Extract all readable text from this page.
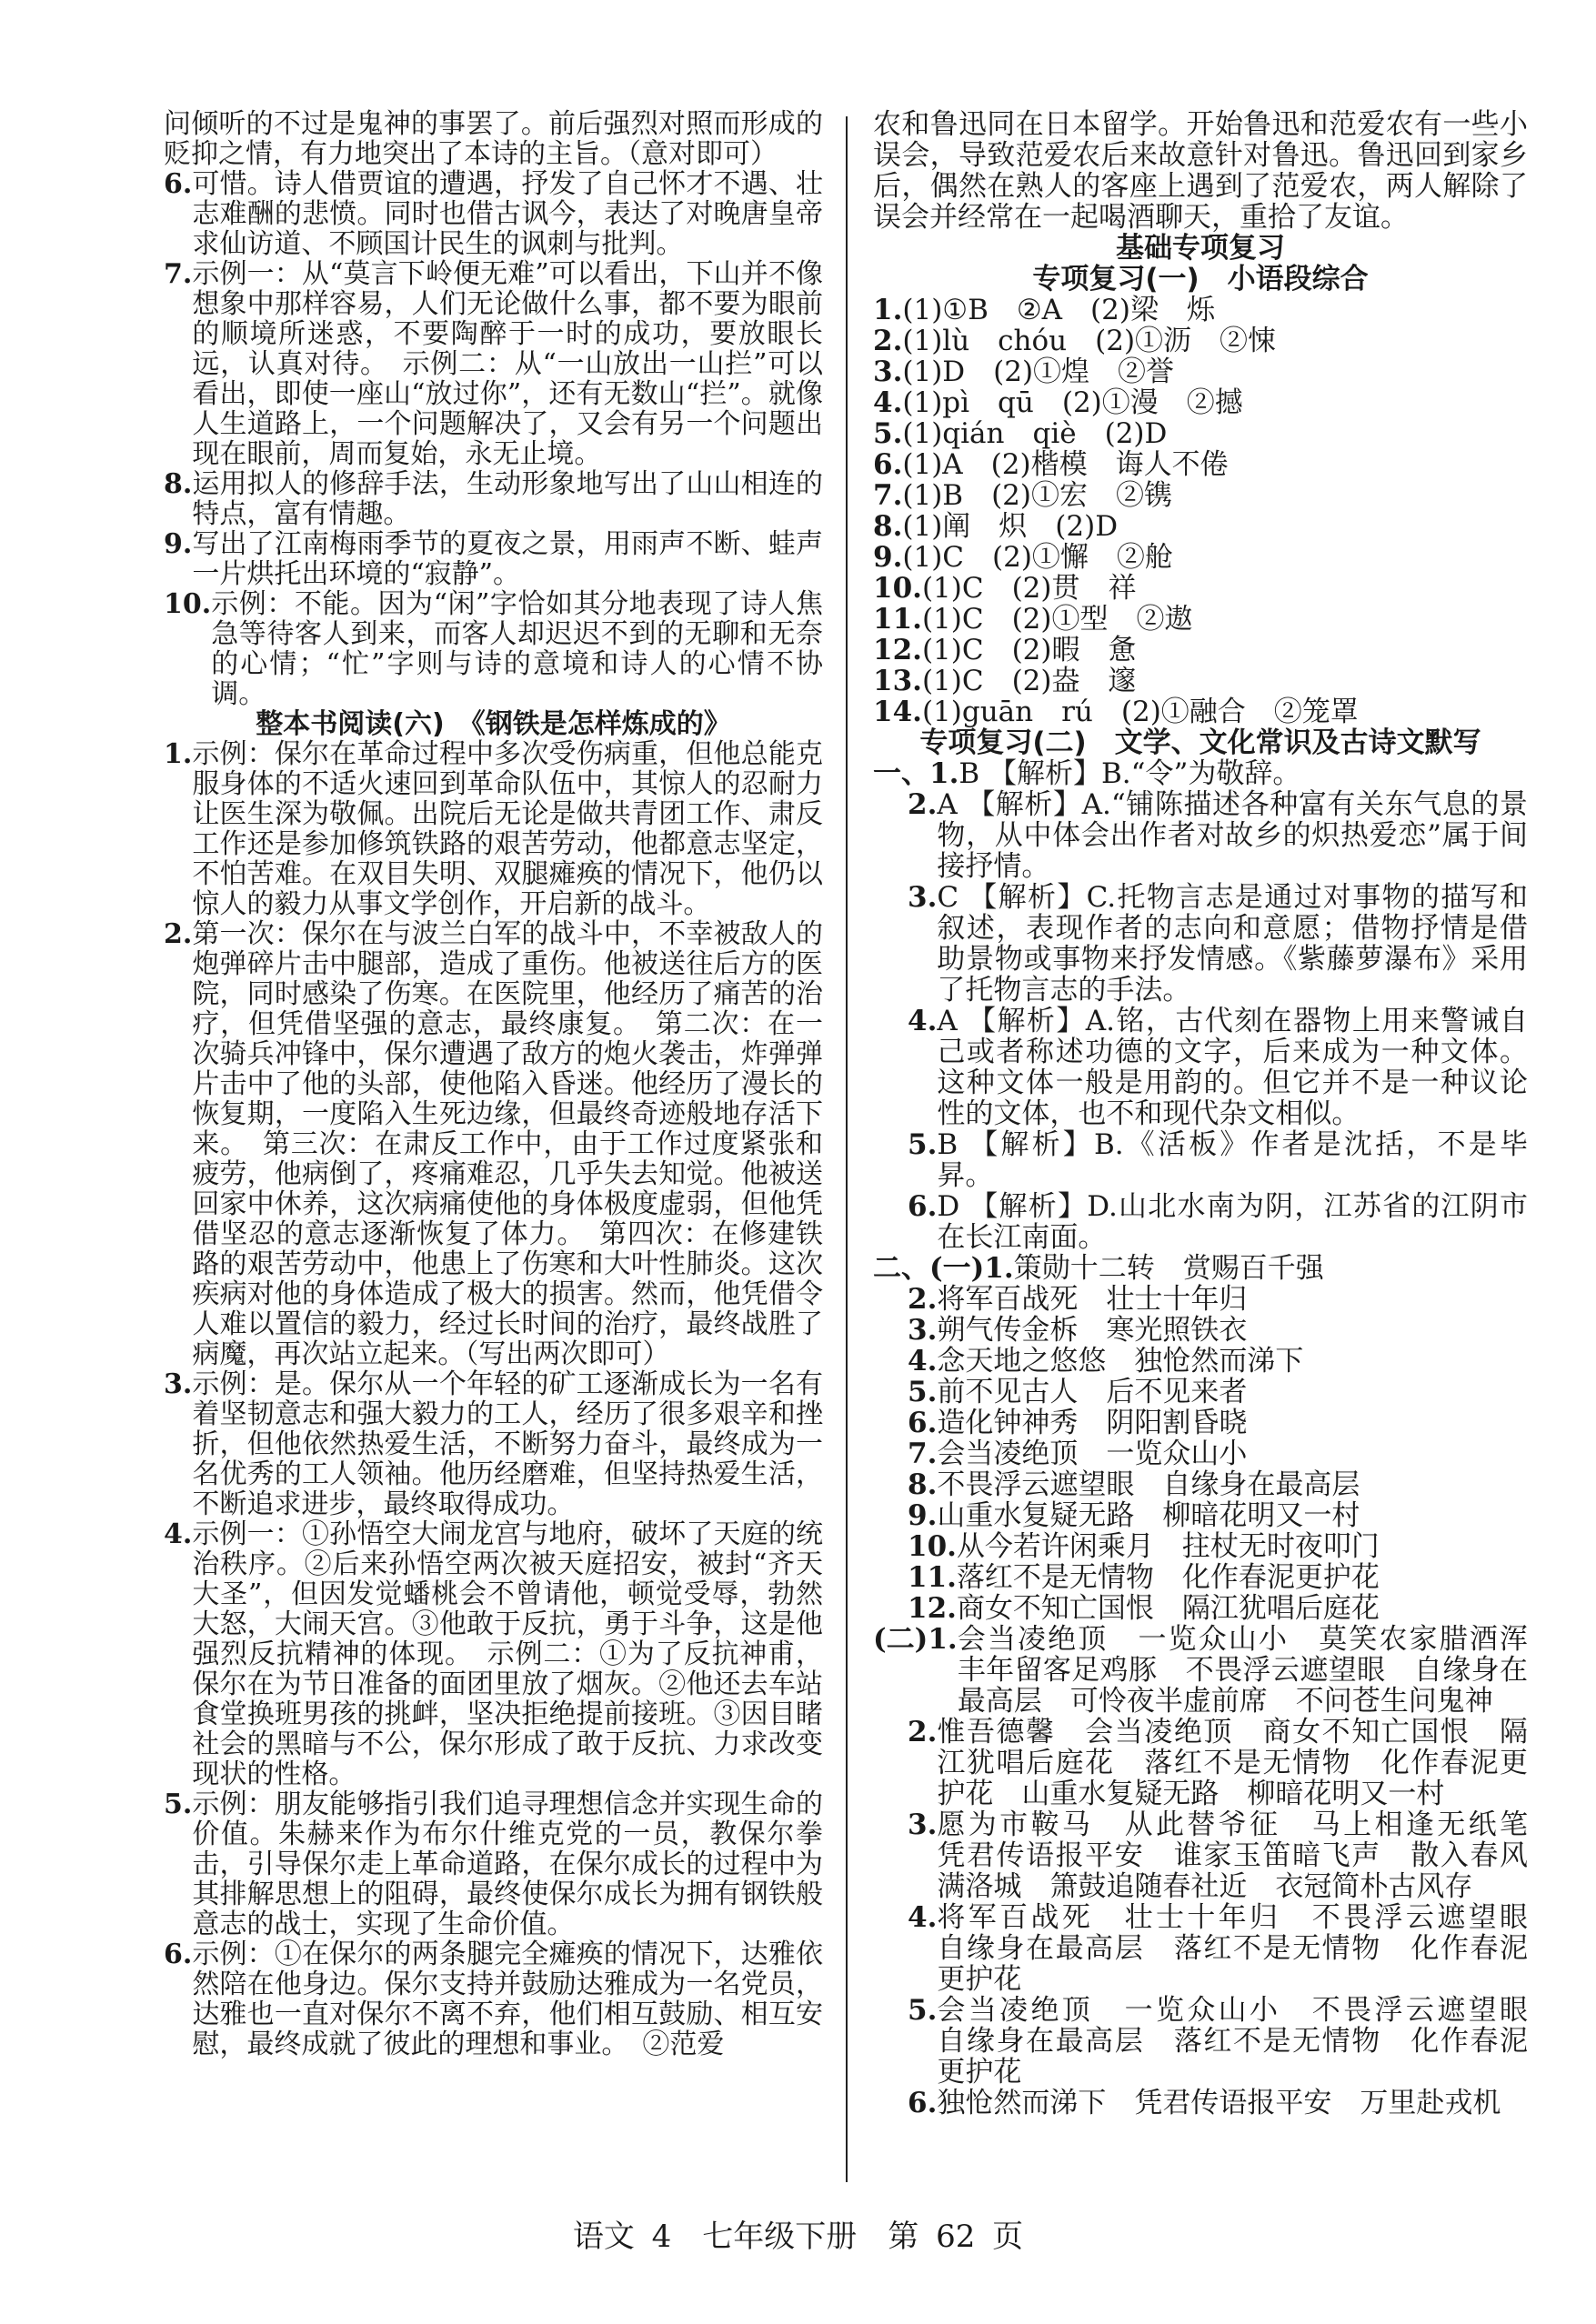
问倾听的不过是鬼神的事罢了。前后强烈对照而形成的贬抑之情，有力地突出了本诗的主旨。（意对即可）

6. 可惜。诗人借贾谊的遭遇，抒发了自己怀才不遇、壮志难酬的悲愤。同时也借古讽今，表达了对晚唐皇帝求仙访道、不顾国计民生的讽刺与批判。
7. 示例一：从“莫言下岭便无难”可以看出，下山并不像想象中那样容易，人们无论做什么事，都不要为眼前的顺境所迷惑，不要陶醉于一时的成功，要放眼长远，认真对待。　示例二：从“一山放出一山拦”可以看出，即使一座山“放过你”，还有无数山“拦”。就像人生道路上，一个问题解决了，又会有另一个问题出现在眼前，周而复始，永无止境。
8. 运用拟人的修辞手法，生动形象地写出了山山相连的特点，富有情趣。
9. 写出了江南梅雨季节的夏夜之景，用雨声不断、蛙声一片烘托出环境的“寂静”。
10. 示例：不能。因为“闲”字恰如其分地表现了诗人焦急等待客人到来，而客人却迟迟不到的无聊和无奈的心情；“忙”字则与诗的意境和诗人的心情不协调。

整本书阅读(六)　《钢铁是怎样炼成的》

1. 示例：保尔在革命过程中多次受伤病重，但他总能克服身体的不适火速回到革命队伍中，其惊人的忍耐力让医生深为敬佩。出院后无论是做共青团工作、肃反工作还是参加修筑铁路的艰苦劳动，他都意志坚定，不怕苦难。在双目失明、双腿瘫痪的情况下，他仍以惊人的毅力从事文学创作，开启新的战斗。
2. 第一次：保尔在与波兰白军的战斗中，不幸被敌人的炮弹碎片击中腿部，造成了重伤。他被送往后方的医院，同时感染了伤寒。在医院里，他经历了痛苦的治疗，但凭借坚强的意志，最终康复。　第二次：在一次骑兵冲锋中，保尔遭遇了敌方的炮火袭击，炸弹弹片击中了他的头部，使他陷入昏迷。他经历了漫长的恢复期，一度陷入生死边缘，但最终奇迹般地存活下来。　第三次：在肃反工作中，由于工作过度紧张和疲劳，他病倒了，疼痛难忍，几乎失去知觉。他被送回家中休养，这次病痛使他的身体极度虚弱，但他凭借坚忍的意志逐渐恢复了体力。　第四次：在修建铁路的艰苦劳动中，他患上了伤寒和大叶性肺炎。这次疾病对他的身体造成了极大的损害。然而，他凭借令人难以置信的毅力，经过长时间的治疗，最终战胜了病魔，再次站立起来。（写出两次即可）
3. 示例：是。保尔从一个年轻的矿工逐渐成长为一名有着坚韧意志和强大毅力的工人，经历了很多艰辛和挫折，但他依然热爱生活，不断努力奋斗，最终成为一名优秀的工人领袖。他历经磨难，但坚持热爱生活，不断追求进步，最终取得成功。
4. 示例一：①孙悟空大闹龙宫与地府，破坏了天庭的统治秩序。②后来孙悟空两次被天庭招安，被封“齐天大圣”，但因发觉蟠桃会不曾请他，顿觉受辱，勃然大怒，大闹天宫。③他敢于反抗，勇于斗争，这是他强烈反抗精神的体现。　示例二：①为了反抗神甫，保尔在为节日准备的面团里放了烟灰。②他还去车站食堂换班男孩的挑衅，坚决拒绝提前接班。③因目睹社会的黑暗与不公，保尔形成了敢于反抗、力求改变现状的性格。
5. 示例：朋友能够指引我们追寻理想信念并实现生命的价值。朱赫来作为布尔什维克党的一员，教保尔拳击，引导保尔走上革命道路，在保尔成长的过程中为其排解思想上的阻碍，最终使保尔成长为拥有钢铁般意志的战士，实现了生命价值。
6. 示例：①在保尔的两条腿完全瘫痪的情况下，达雅依然陪在他身边。保尔支持并鼓励达雅成为一名党员，达雅也一直对保尔不离不弃，他们相互鼓励、相互安慰，最终成就了彼此的理想和事业。　②范爱

农和鲁迅同在日本留学。开始鲁迅和范爱农有一些小误会，导致范爱农后来故意针对鲁迅。鲁迅回到家乡后，偶然在熟人的客座上遇到了范爱农，两人解除了误会并经常在一起喝酒聊天，重拾了友谊。

基础专项复习

专项复习(一)　小语段综合

1. (1)①B　②A　(2)梁　烁
2. (1)lù　chóu　(2)①沥　②悚
3. (1)D　(2)①煌　②誉
4. (1)pì　qū　(2)①漫　②撼
5. (1)qián　qiè　(2)D
6. (1)A　(2)楷模　诲人不倦
7. (1)B　(2)①宏　②镌
8. (1)阐　炽　(2)D
9. (1)C　(2)①懈　②舱
10. (1)C　(2)贯　祥
11. (1)C　(2)①型　②遨
12. (1)C　(2)暇　惫
13. (1)C　(2)盎　邃
14. (1)guān　rú　(2)①融合　②笼罩

专项复习(二)　文学、文化常识及古诗文默写

一、1. B 【解析】B.“令”为敬辞。
2. A 【解析】A.“铺陈描述各种富有关东气息的景物，从中体会出作者对故乡的炽热爱恋”属于间接抒情。
3. C 【解析】C.托物言志是通过对事物的描写和叙述，表现作者的志向和意愿；借物抒情是借助景物或事物来抒发情感。《紫藤萝瀑布》采用了托物言志的手法。
4. A 【解析】A.铭，古代刻在器物上用来警诫自己或者称述功德的文字，后来成为一种文体。这种文体一般是用韵的。但它并不是一种议论性的文体，也不和现代杂文相似。
5. B 【解析】B.《活板》作者是沈括，不是毕昇。
6. D 【解析】D.山北水南为阴，江苏省的江阴市在长江南面。
二、(一)1. 策勋十二转　赏赐百千强
2. 将军百战死　壮士十年归
3. 朔气传金柝　寒光照铁衣
4. 念天地之悠悠　独怆然而涕下
5. 前不见古人　后不见来者
6. 造化钟神秀　阴阳割昏晓
7. 会当凌绝顶　一览众山小
8. 不畏浮云遮望眼　自缘身在最高层
9. 山重水复疑无路　柳暗花明又一村
10. 从今若许闲乘月　拄杖无时夜叩门
11. 落红不是无情物　化作春泥更护花
12. 商女不知亡国恨　隔江犹唱后庭花
(二)1. 会当凌绝顶　一览众山小　莫笑农家腊酒浑　丰年留客足鸡豚　不畏浮云遮望眼　自缘身在最高层　可怜夜半虚前席　不问苍生问鬼神
2. 惟吾德馨　会当凌绝顶　商女不知亡国恨　隔江犹唱后庭花　落红不是无情物　化作春泥更护花　山重水复疑无路　柳暗花明又一村
3. 愿为市鞍马　从此替爷征　马上相逢无纸笔　凭君传语报平安　谁家玉笛暗飞声　散入春风满洛城　箫鼓追随春社近　衣冠简朴古风存
4. 将军百战死　壮士十年归　不畏浮云遮望眼　自缘身在最高层　落红不是无情物　化作春泥更护花
5. 会当凌绝顶　一览众山小　不畏浮云遮望眼　自缘身在最高层　落红不是无情物　化作春泥更护花
6. 独怆然而涕下　凭君传语报平安　万里赴戎机
语文 4　七年级下册　第 62 页
